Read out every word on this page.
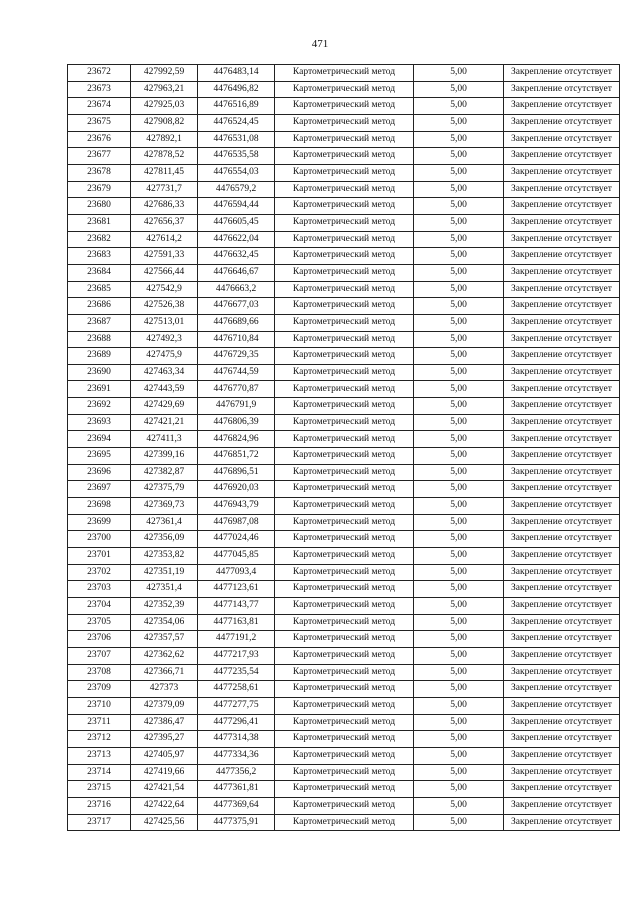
471
23672	427992,59	4476483,14	Картометрический метод	5,00	Закрепление отсутствует
23673	427963,21	4476496,82	Картометрический метод	5,00	Закрепление отсутствует
23674	427925,03	4476516,89	Картометрический метод	5,00	Закрепление отсутствует
23675	427908,82	4476524,45	Картометрический метод	5,00	Закрепление отсутствует
23676	427892,1	4476531,08	Картометрический метод	5,00	Закрепление отсутствует
23677	427878,52	4476535,58	Картометрический метод	5,00	Закрепление отсутствует
23678	427811,45	4476554,03	Картометрический метод	5,00	Закрепление отсутствует
23679	427731,7	4476579,2	Картометрический метод	5,00	Закрепление отсутствует
23680	427686,33	4476594,44	Картометрический метод	5,00	Закрепление отсутствует
23681	427656,37	4476605,45	Картометрический метод	5,00	Закрепление отсутствует
23682	427614,2	4476622,04	Картометрический метод	5,00	Закрепление отсутствует
23683	427591,33	4476632,45	Картометрический метод	5,00	Закрепление отсутствует
23684	427566,44	4476646,67	Картометрический метод	5,00	Закрепление отсутствует
23685	427542,9	4476663,2	Картометрический метод	5,00	Закрепление отсутствует
23686	427526,38	4476677,03	Картометрический метод	5,00	Закрепление отсутствует
23687	427513,01	4476689,66	Картометрический метод	5,00	Закрепление отсутствует
23688	427492,3	4476710,84	Картометрический метод	5,00	Закрепление отсутствует
23689	427475,9	4476729,35	Картометрический метод	5,00	Закрепление отсутствует
23690	427463,34	4476744,59	Картометрический метод	5,00	Закрепление отсутствует
23691	427443,59	4476770,87	Картометрический метод	5,00	Закрепление отсутствует
23692	427429,69	4476791,9	Картометрический метод	5,00	Закрепление отсутствует
23693	427421,21	4476806,39	Картометрический метод	5,00	Закрепление отсутствует
23694	427411,3	4476824,96	Картометрический метод	5,00	Закрепление отсутствует
23695	427399,16	4476851,72	Картометрический метод	5,00	Закрепление отсутствует
23696	427382,87	4476896,51	Картометрический метод	5,00	Закрепление отсутствует
23697	427375,79	4476920,03	Картометрический метод	5,00	Закрепление отсутствует
23698	427369,73	4476943,79	Картометрический метод	5,00	Закрепление отсутствует
23699	427361,4	4476987,08	Картометрический метод	5,00	Закрепление отсутствует
23700	427356,09	4477024,46	Картометрический метод	5,00	Закрепление отсутствует
23701	427353,82	4477045,85	Картометрический метод	5,00	Закрепление отсутствует
23702	427351,19	4477093,4	Картометрический метод	5,00	Закрепление отсутствует
23703	427351,4	4477123,61	Картометрический метод	5,00	Закрепление отсутствует
23704	427352,39	4477143,77	Картометрический метод	5,00	Закрепление отсутствует
23705	427354,06	4477163,81	Картометрический метод	5,00	Закрепление отсутствует
23706	427357,57	4477191,2	Картометрический метод	5,00	Закрепление отсутствует
23707	427362,62	4477217,93	Картометрический метод	5,00	Закрепление отсутствует
23708	427366,71	4477235,54	Картометрический метод	5,00	Закрепление отсутствует
23709	427373	4477258,61	Картометрический метод	5,00	Закрепление отсутствует
23710	427379,09	4477277,75	Картометрический метод	5,00	Закрепление отсутствует
23711	427386,47	4477296,41	Картометрический метод	5,00	Закрепление отсутствует
23712	427395,27	4477314,38	Картометрический метод	5,00	Закрепление отсутствует
23713	427405,97	4477334,36	Картометрический метод	5,00	Закрепление отсутствует
23714	427419,66	4477356,2	Картометрический метод	5,00	Закрепление отсутствует
23715	427421,54	4477361,81	Картометрический метод	5,00	Закрепление отсутствует
23716	427422,64	4477369,64	Картометрический метод	5,00	Закрепление отсутствует
23717	427425,56	4477375,91	Картометрический метод	5,00	Закрепление отсутствует
